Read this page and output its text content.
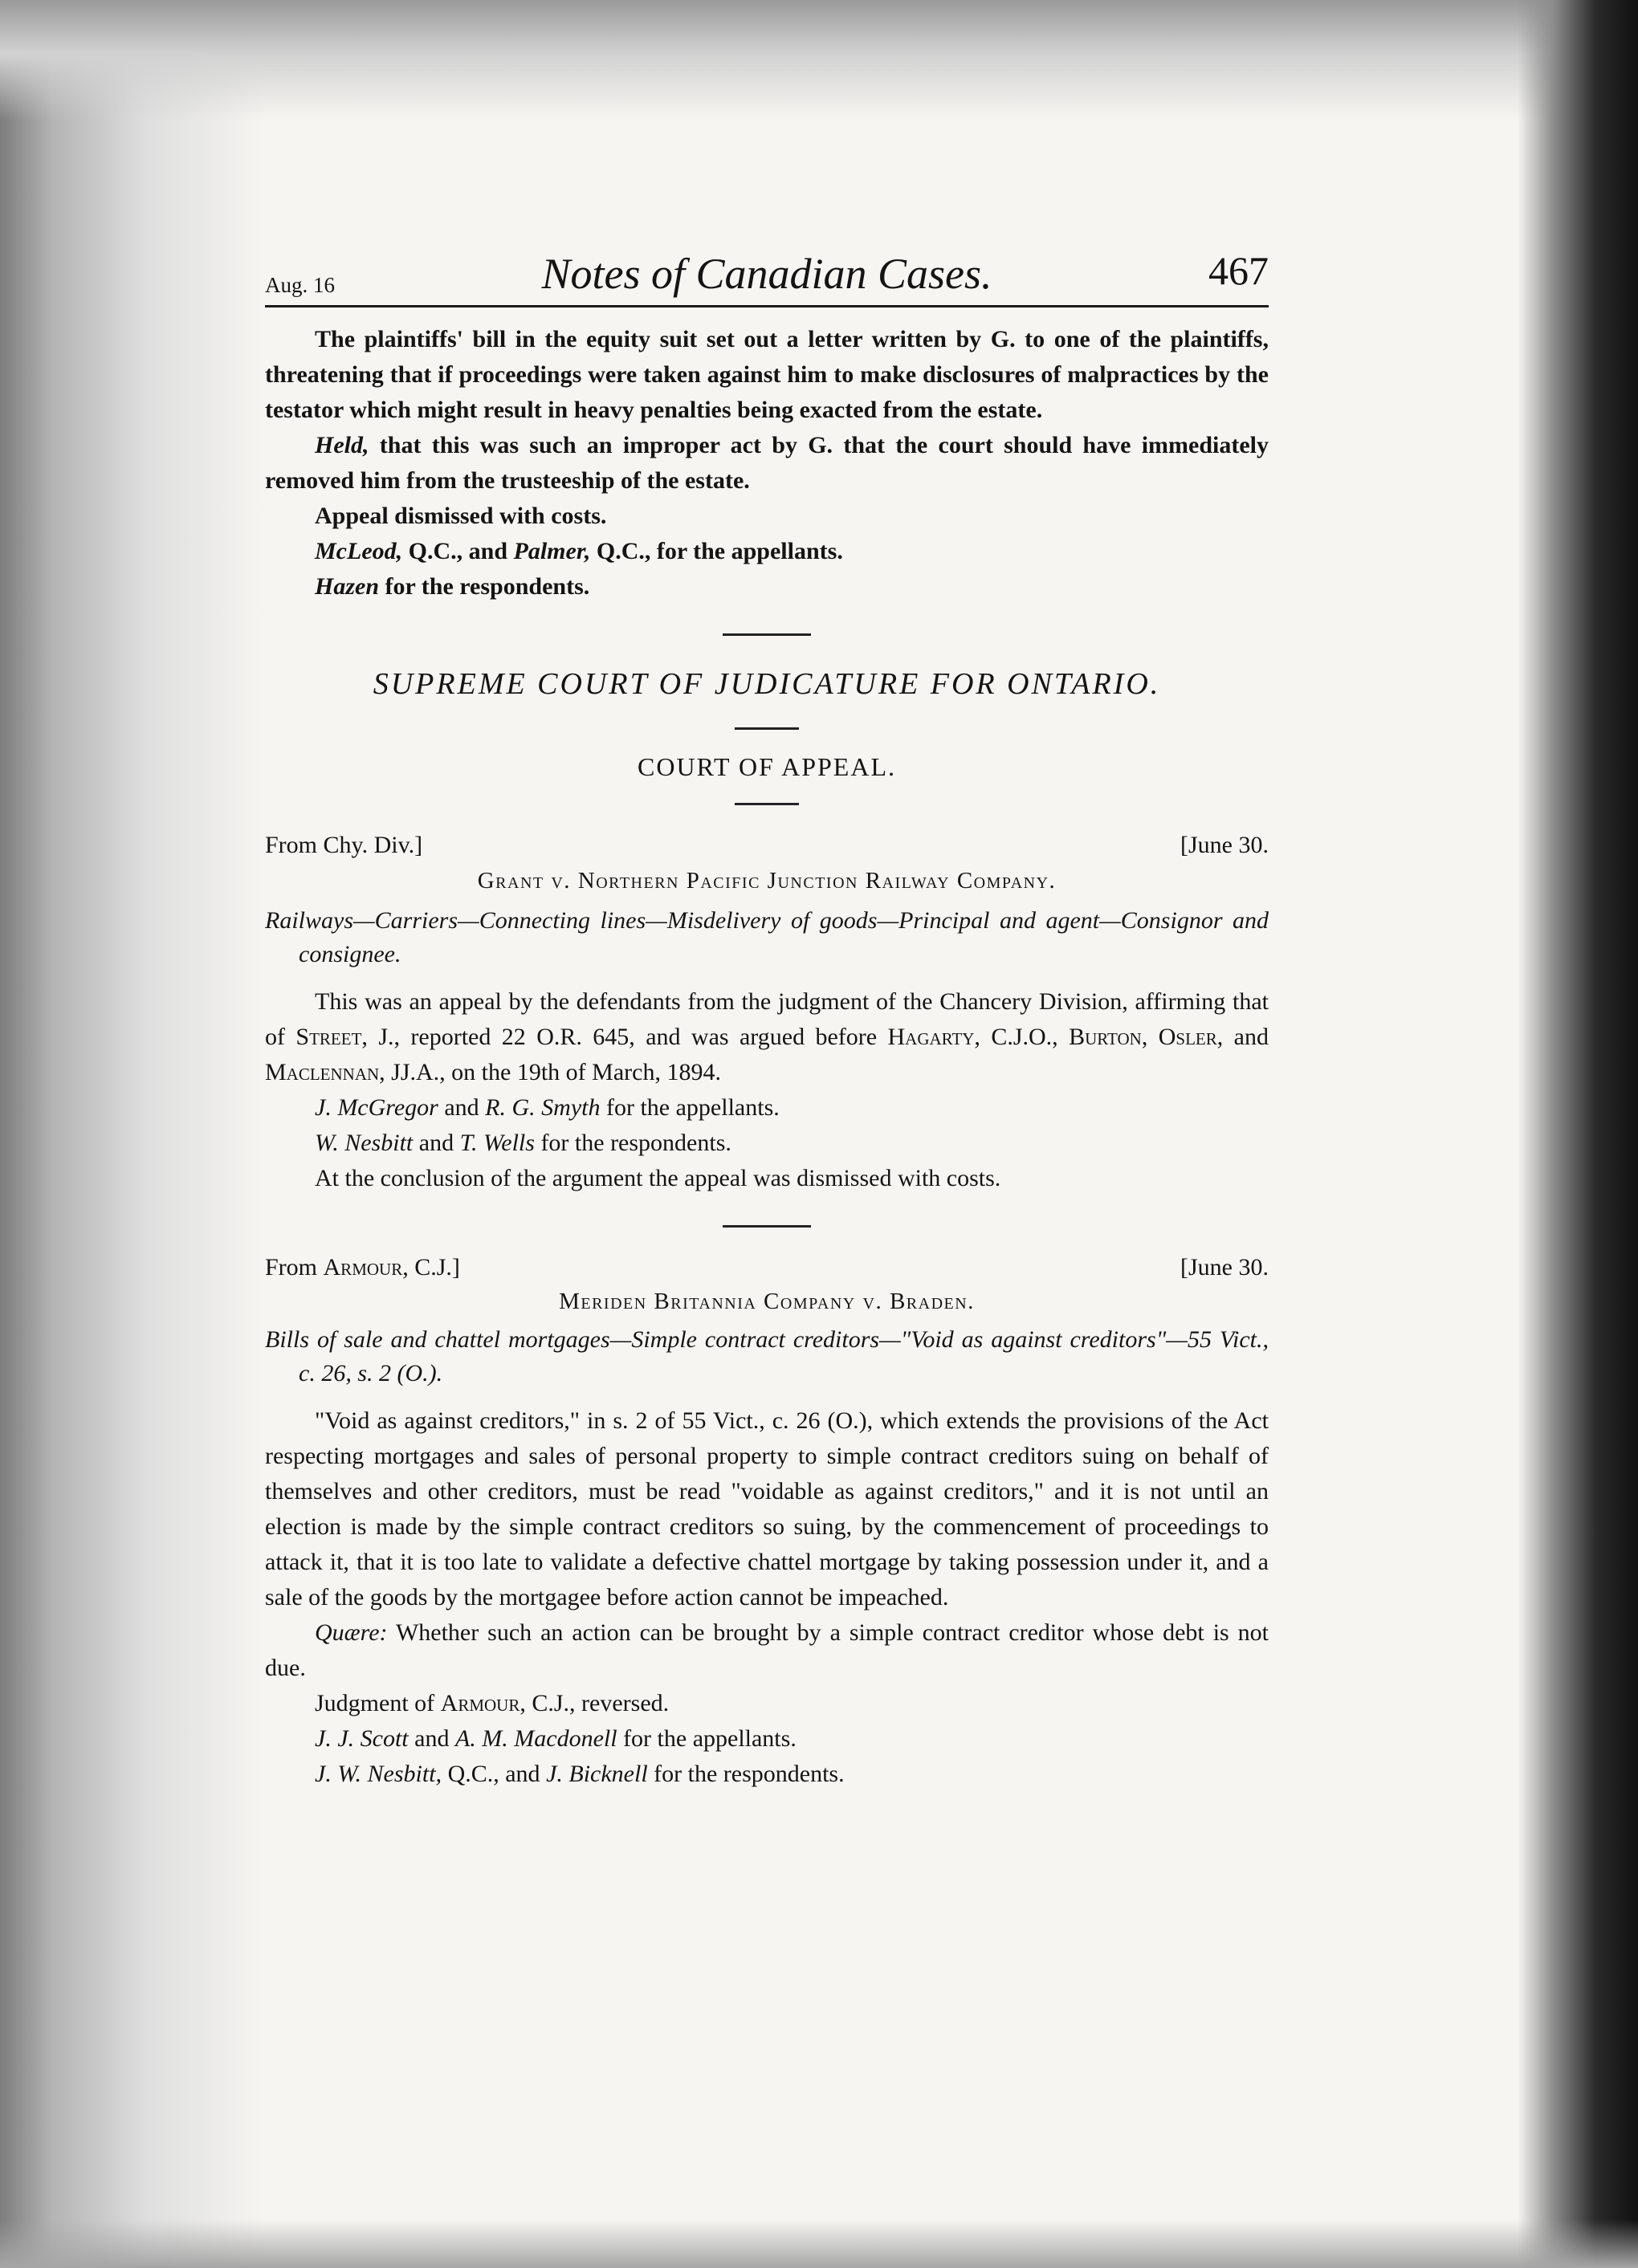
Aug. 16	Notes of Canadian Cases.	467

The plaintiffs' bill in the equity suit set out a letter written by G. to one of the plaintiffs, threatening that if proceedings were taken against him to make disclosures of malpractices by the testator which might result in heavy penalties being exacted from the estate.

Held, that this was such an improper act by G. that the court should have immediately removed him from the trusteeship of the estate.

Appeal dismissed with costs.

McLeod, Q.C., and Palmer, Q.C., for the appellants.

Hazen for the respondents.

SUPREME COURT OF JUDICATURE FOR ONTARIO.

COURT OF APPEAL.

From Chy. Div.]	[June 30.

Grant v. Northern Pacific Junction Railway Company.

Railways—Carriers—Connecting lines—Misdelivery of goods—Principal and agent—Consignor and consignee.

This was an appeal by the defendants from the judgment of the Chancery Division, affirming that of Street, J., reported 22 O.R. 645, and was argued before Hagarty, C.J.O., Burton, Osler, and Maclennan, JJ.A., on the 19th of March, 1894.

J. McGregor and R. G. Smyth for the appellants.

W. Nesbitt and T. Wells for the respondents.

At the conclusion of the argument the appeal was dismissed with costs.

From Armour, C.J.]	[June 30.

Meriden Britannia Company v. Braden.

Bills of sale and chattel mortgages—Simple contract creditors—"Void as against creditors"—55 Vict., c. 26, s. 2 (O.).

"Void as against creditors," in s. 2 of 55 Vict., c. 26 (O.), which extends the provisions of the Act respecting mortgages and sales of personal property to simple contract creditors suing on behalf of themselves and other creditors, must be read "voidable as against creditors," and it is not until an election is made by the simple contract creditors so suing, by the commencement of proceedings to attack it, that it is too late to validate a defective chattel mortgage by taking possession under it, and a sale of the goods by the mortgagee before action cannot be impeached.

Quære: Whether such an action can be brought by a simple contract creditor whose debt is not due.

Judgment of Armour, C.J., reversed.

J. J. Scott and A. M. Macdonell for the appellants.

J. W. Nesbitt, Q.C., and J. Bicknell for the respondents.
